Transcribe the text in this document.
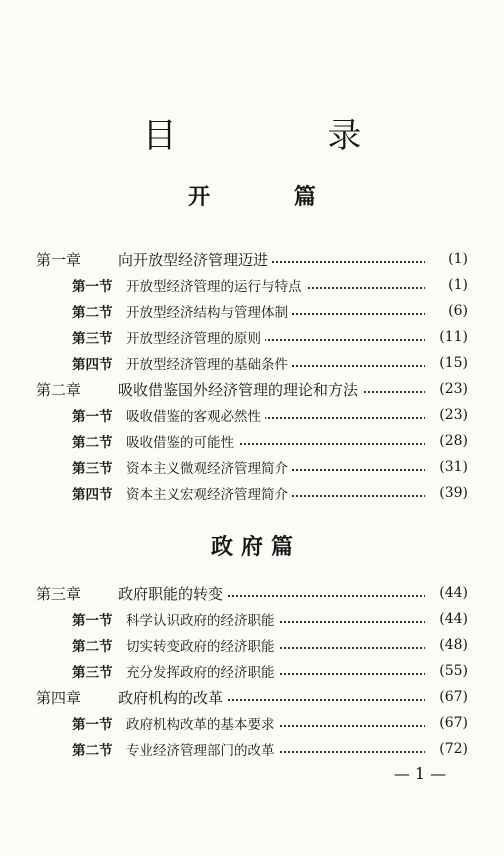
目 录
开 篇
第一章	向开放型经济管理迈进	(1)
第一节	开放型经济管理的运行与特点	(1)
第二节	开放型经济结构与管理体制	(6)
第三节	开放型经济管理的原则	(11)
第四节	开放型经济管理的基础条件	(15)
第二章	吸收借鉴国外经济管理的理论和方法	(23)
第一节	吸收借鉴的客观必然性	(23)
第二节	吸收借鉴的可能性	(28)
第三节	资本主义微观经济管理简介	(31)
第四节	资本主义宏观经济管理简介	(39)
政府篇
第三章	政府职能的转变	(44)
第一节	科学认识政府的经济职能	(44)
第二节	切实转变政府的经济职能	(48)
第三节	充分发挥政府的经济职能	(55)
第四章	政府机构的改革	(67)
第一节	政府机构改革的基本要求	(67)
第二节	专业经济管理部门的改革	(72)
— 1 —
